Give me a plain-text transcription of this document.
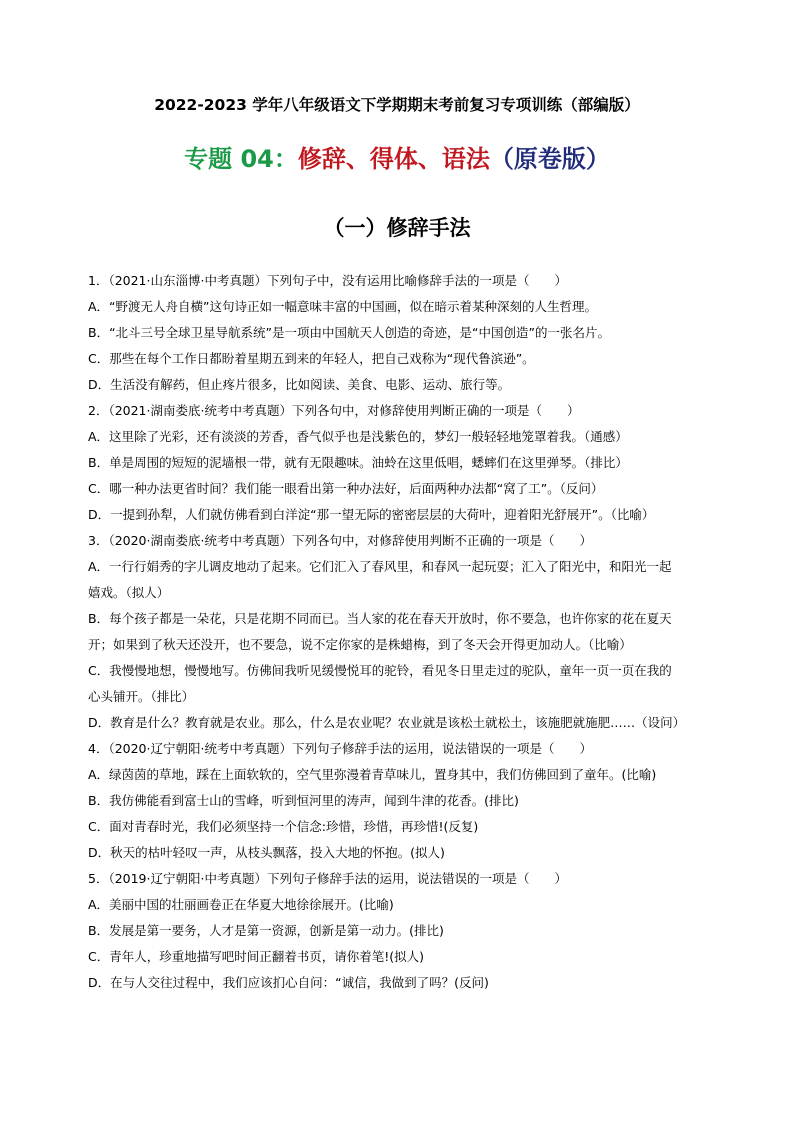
2022-2023 学年八年级语文下学期期末考前复习专项训练（部编版）
专题 04：修辞、得体、语法（原卷版）
（一）修辞手法
1．（2021·山东淄博·中考真题）下列句子中，没有运用比喻修辞手法的一项是（　　）
A．“野渡无人舟自横”这句诗正如一幅意味丰富的中国画，似在暗示着某种深刻的人生哲理。
B．“北斗三号全球卫星导航系统”是一项由中国航天人创造的奇迹，是“中国创造”的一张名片。
C．那些在每个工作日都盼着星期五到来的年轻人，把自己戏称为“现代鲁滨逊”。
D．生活没有解药，但止疼片很多，比如阅读、美食、电影、运动、旅行等。
2．（2021·湖南娄底·统考中考真题）下列各句中，对修辞使用判断正确的一项是（　　）
A．这里除了光彩，还有淡淡的芳香，香气似乎也是浅紫色的，梦幻一般轻轻地笼罩着我。（通感）
B．单是周围的短短的泥墙根一带，就有无限趣味。油蛉在这里低唱，蟋蟀们在这里弹琴。（排比）
C．哪一种办法更省时间？我们能一眼看出第一种办法好，后面两种办法都“窝了工”。（反问）
D．一提到孙犁，人们就仿佛看到白洋淀“那一望无际的密密层层的大荷叶，迎着阳光舒展开”。（比喻）
3．（2020·湖南娄底·统考中考真题）下列各句中，对修辞使用判断不正确的一项是（　　）
A．一行行娟秀的字儿调皮地动了起来。它们汇入了春风里，和春风一起玩耍；汇入了阳光中，和阳光一起
嬉戏。（拟人）
B．每个孩子都是一朵花，只是花期不同而已。当人家的花在春天开放时，你不要急，也许你家的花在夏天
开；如果到了秋天还没开，也不要急，说不定你家的是株蜡梅，到了冬天会开得更加动人。（比喻）
C．我慢慢地想，慢慢地写。仿佛间我听见缓慢悦耳的驼铃，看见冬日里走过的驼队，童年一页一页在我的
心头铺开。（排比）
D．教育是什么？教育就是农业。那么，什么是农业呢？农业就是该松土就松土，该施肥就施肥……（设问）
4．（2020·辽宁朝阳·统考中考真题）下列句子修辞手法的运用，说法错误的一项是（　　）
A．绿茵茵的草地，踩在上面软软的，空气里弥漫着青草味儿，置身其中，我们仿佛回到了童年。(比喻)
B．我仿佛能看到富士山的雪峰，听到恒河里的涛声，闻到牛津的花香。(排比)
C．面对青春时光，我们必须坚持一个信念:珍惜，珍惜，再珍惜!(反复)
D．秋天的枯叶轻叹一声，从枝头飘落，投入大地的怀抱。(拟人)
5．（2019·辽宁朝阳·中考真题）下列句子修辞手法的运用，说法错误的一项是（　　）
A．美丽中国的壮丽画卷正在华夏大地徐徐展开。(比喻)
B．发展是第一要务，人才是第一资源，创新是第一动力。(排比)
C．青年人，珍重地描写吧时间正翻着书页，请你着笔!(拟人)
D．在与人交往过程中，我们应该扪心自问：“诚信，我做到了吗？(反问)
